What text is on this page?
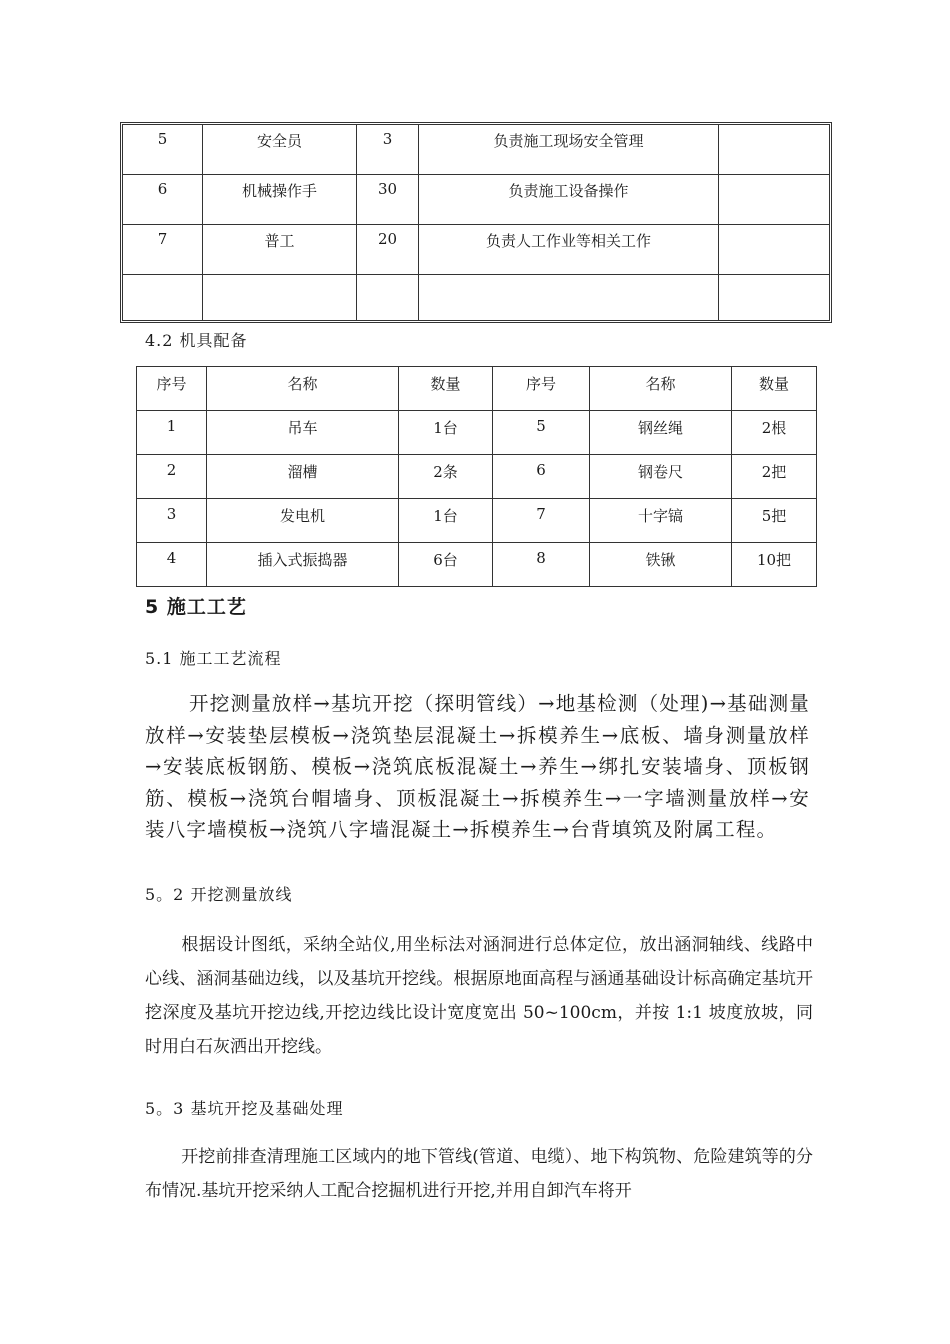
5	安全员	3	负责施工现场安全管理	
6	机械操作手	30	负责施工设备操作	
7	普工	20	负责人工作业等相关工作	

4.2 机具配备
序号	名称	数量	序号	名称	数量
1	吊车	1台	5	钢丝绳	2根
2	溜槽	2条	6	钢卷尺	2把
3	发电机	1台	7	十字镐	5把
4	插入式振捣器	6台	8	铁锹	10把
5 施工工艺
5.1 施工工艺流程
开挖测量放样→基坑开挖（探明管线）→地基检测（处理)→基础测量放样→安装垫层模板→浇筑垫层混凝土→拆模养生→底板、墙身测量放样→安装底板钢筋、模板→浇筑底板混凝土→养生→绑扎安装墙身、顶板钢筋、模板→浇筑台帽墙身、顶板混凝土→拆模养生→一字墙测量放样→安装八字墙模板→浇筑八字墙混凝土→拆模养生→台背填筑及附属工程。
5。2 开挖测量放线
根据设计图纸，采纳全站仪,用坐标法对涵洞进行总体定位，放出涵洞轴线、线路中心线、涵洞基础边线，以及基坑开挖线。根据原地面高程与涵通基础设计标高确定基坑开挖深度及基坑开挖边线,开挖边线比设计宽度宽出 50~100cm，并按 1:1 坡度放坡，同时用白石灰洒出开挖线。
5。3 基坑开挖及基础处理
开挖前排查清理施工区域内的地下管线(管道、电缆）、地下构筑物、危险建筑等的分布情况.基坑开挖采纳人工配合挖掘机进行开挖,并用自卸汽车将开
